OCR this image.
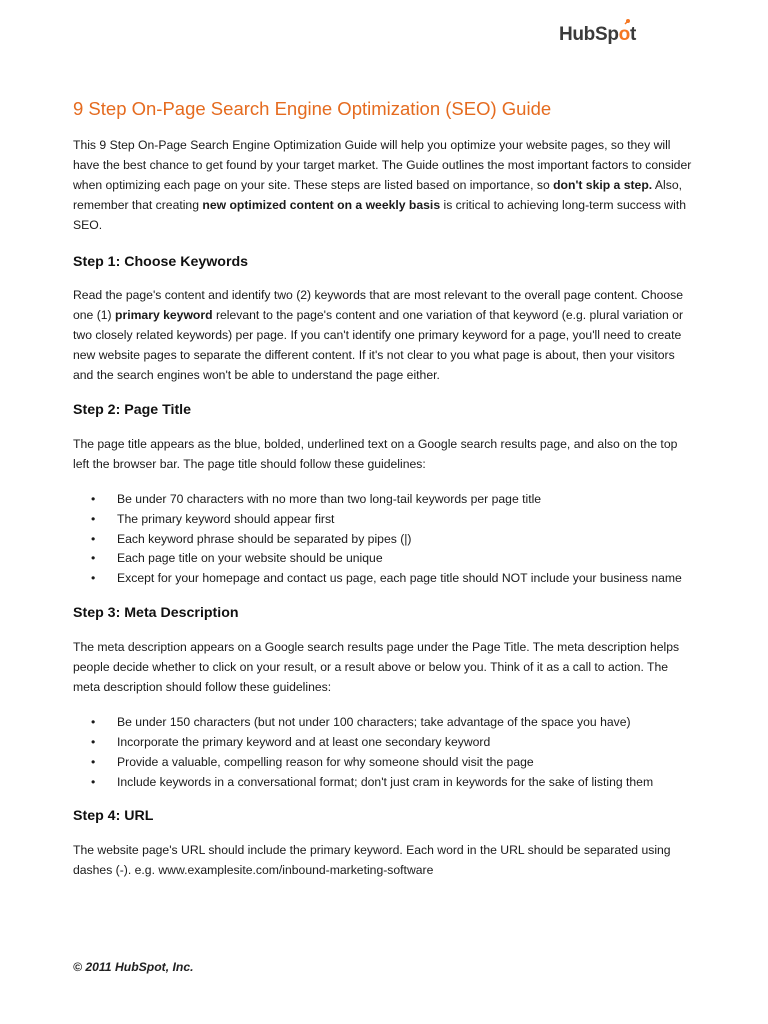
HubSp
ot
9 Step On-Page Search Engine Optimization (SEO) Guide

This 9 Step On-Page Search Engine Optimization Guide will help you optimize your website pages, so they will have the best chance to get found by your target market. The Guide outlines the most important factors to consider when optimizing each page on your site. These steps are listed based on importance, so don't skip a step. Also, remember that creating new optimized content on a weekly basis is critical to achieving long-term success with SEO.

Step 1: Choose Keywords

Read the page's content and identify two (2) keywords that are most relevant to the overall page content. Choose one (1) primary keyword relevant to the page's content and one variation of that keyword (e.g. plural variation or two closely related keywords) per page. If you can't identify one primary keyword for a page, you'll need to create new website pages to separate the different content. If it's not clear to you what page is about, then your visitors and the search engines won't be able to understand the page either.

Step 2: Page Title

The page title appears as the blue, bolded, underlined text on a Google search results page, and also on the top left the browser bar. The page title should follow these guidelines:

• Be under 70 characters with no more than two long-tail keywords per page title
• The primary keyword should appear first
• Each keyword phrase should be separated by pipes (|)
• Each page title on your website should be unique
• Except for your homepage and contact us page, each page title should NOT include your business name
Step 3: Meta Description

The meta description appears on a Google search results page under the Page Title. The meta description helps people decide whether to click on your result, or a result above or below you. Think of it as a call to action. The meta description should follow these guidelines:

• Be under 150 characters (but not under 100 characters; take advantage of the space you have)
• Incorporate the primary keyword and at least one secondary keyword
• Provide a valuable, compelling reason for why someone should visit the page
• Include keywords in a conversational format; don't just cram in keywords for the sake of listing them
Step 4: URL

The website page's URL should include the primary keyword. Each word in the URL should be separated using dashes (-). e.g. www.examplesite.com/inbound-marketing-software

© 2011 HubSpot, Inc.
